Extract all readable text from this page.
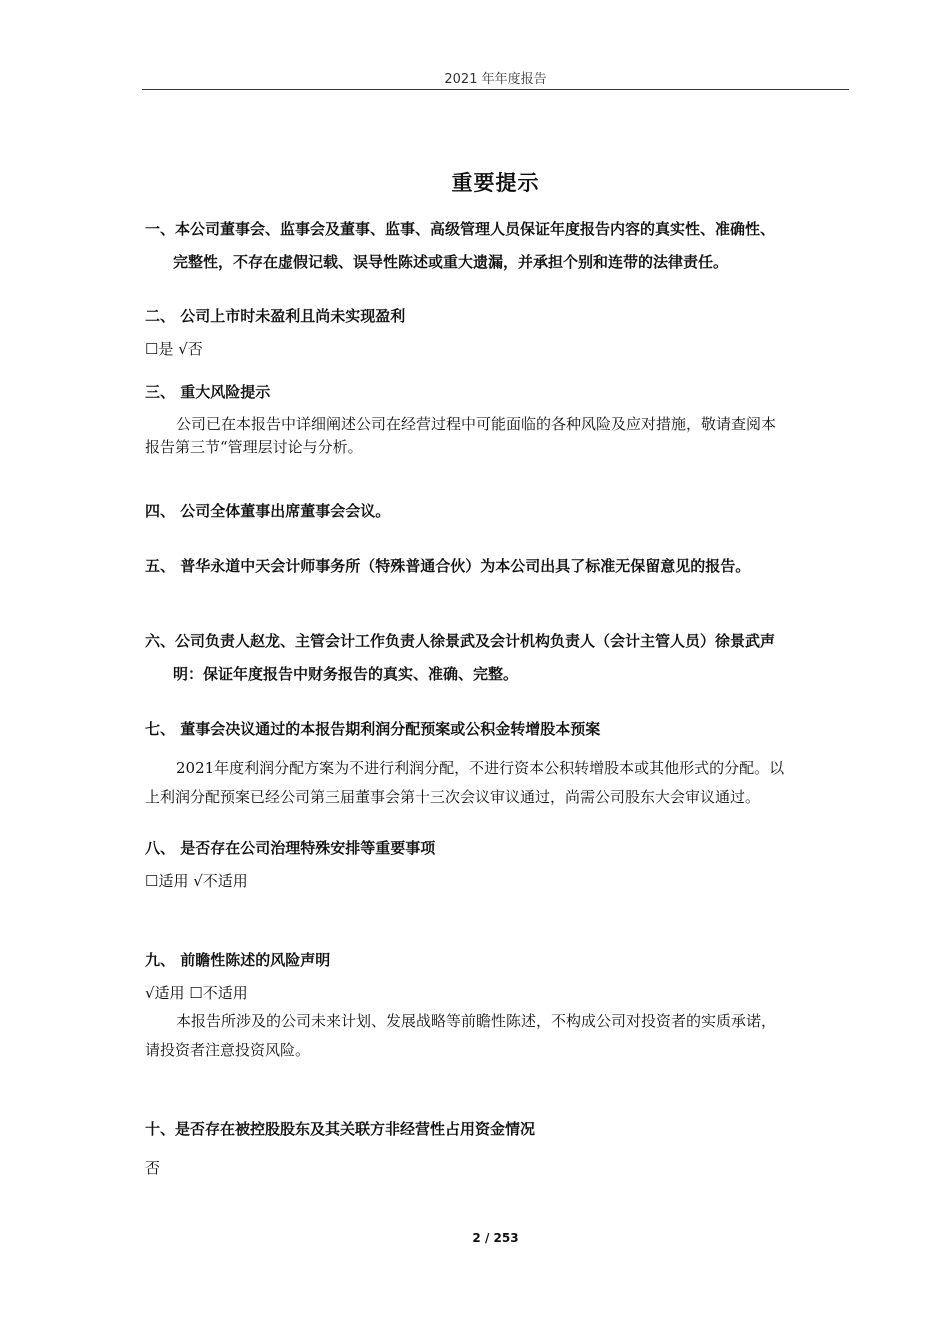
2021 年年度报告
重要提示
一、本公司董事会、监事会及董事、监事、高级管理人员保证年度报告内容的真实性、准确性、
完整性，不存在虚假记载、误导性陈述或重大遗漏，并承担个别和连带的法律责任。
二、 公司上市时未盈利且尚未实现盈利
☐是 √否
三、 重大风险提示
公司已在本报告中详细阐述公司在经营过程中可能面临的各种风险及应对措施，敬请查阅本
报告第三节“管理层讨论与分析。
四、 公司全体董事出席董事会会议。
五、 普华永道中天会计师事务所（特殊普通合伙）为本公司出具了标准无保留意见的报告。
六、公司负责人赵龙、主管会计工作负责人徐景武及会计机构负责人（会计主管人员）徐景武声
明：保证年度报告中财务报告的真实、准确、完整。
七、 董事会决议通过的本报告期利润分配预案或公积金转增股本预案
2021年度利润分配方案为不进行利润分配，不进行资本公积转增股本或其他形式的分配。以
上利润分配预案已经公司第三届董事会第十三次会议审议通过，尚需公司股东大会审议通过。
八、 是否存在公司治理特殊安排等重要事项
☐适用 √不适用
九、 前瞻性陈述的风险声明
√适用 ☐不适用
本报告所涉及的公司未来计划、发展战略等前瞻性陈述，不构成公司对投资者的实质承诺，
请投资者注意投资风险。
十、是否存在被控股股东及其关联方非经营性占用资金情况
否
2 / 253
